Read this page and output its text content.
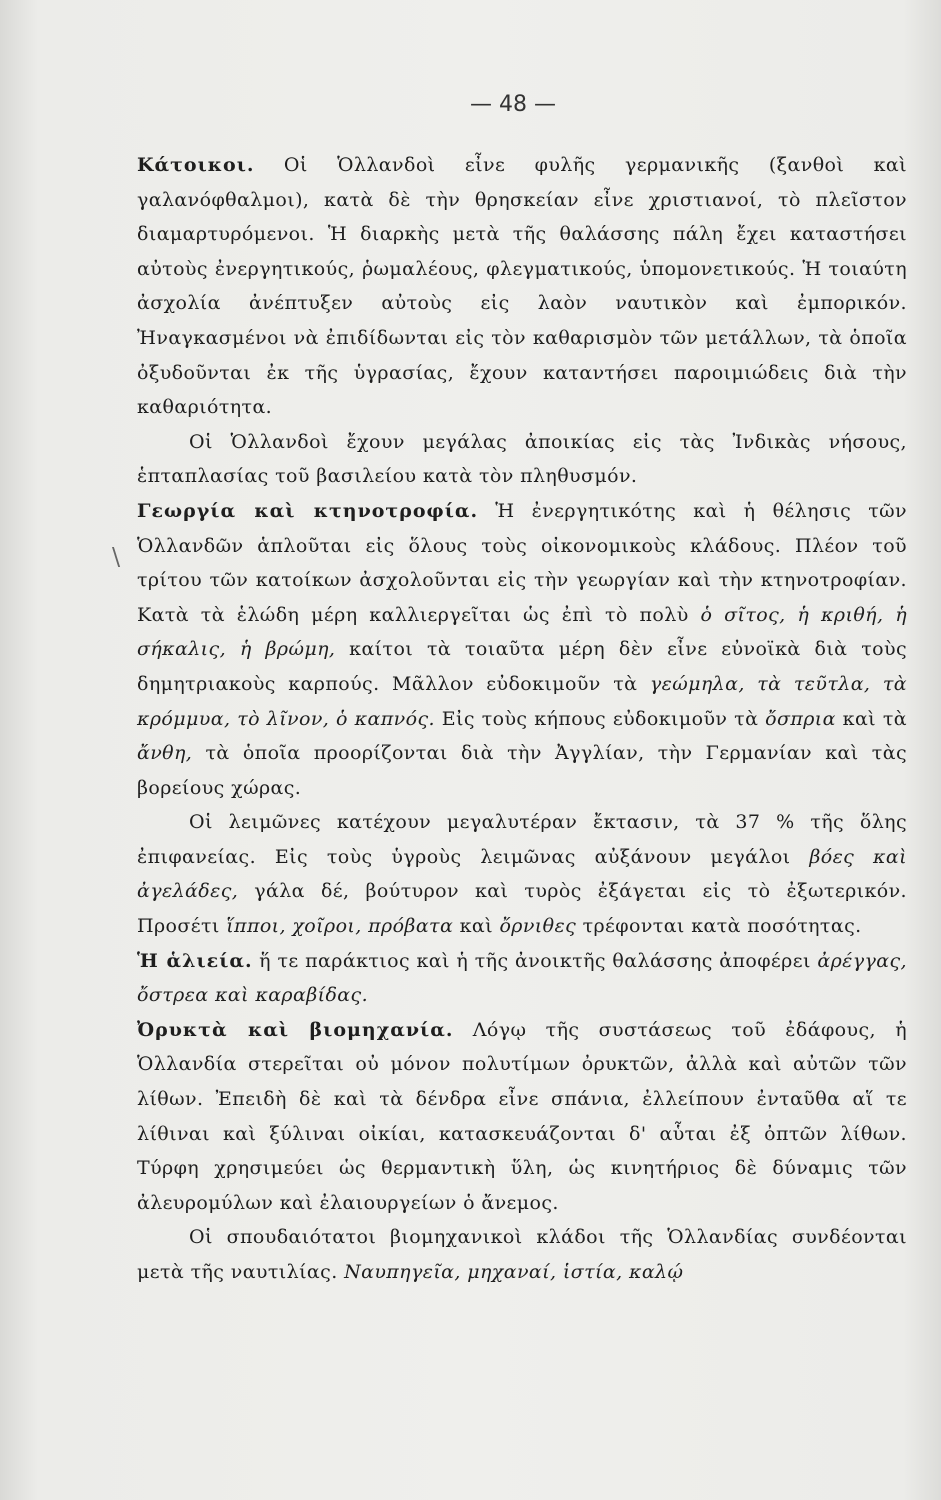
— 48 —
\

Κάτοικοι. Οἱ Ὁλλανδοὶ εἶνε φυλῆς γερμανικῆς (ξανθοὶ καὶ γαλανόφθαλμοι), κατὰ δὲ τὴν θρησκείαν εἶνε χριστιανοί, τὸ πλεῖστον διαμαρτυρόμενοι. Ἡ διαρκὴς μετὰ τῆς θαλάσσης πάλη ἔχει καταστήσει αὐτοὺς ἐνεργητικούς, ῥωμαλέους, φλεγματικούς, ὑπομονετικούς. Ἡ τοιαύτη ἀσχολία ἀνέπτυξεν αὐτοὺς εἰς λαὸν ναυτικὸν καὶ ἐμπορικόν. Ἠναγκασμένοι νὰ ἐπιδίδωνται εἰς τὸν καθαρισμὸν τῶν μετάλλων, τὰ ὁποῖα ὀξυδοῦνται ἐκ τῆς ὑγρασίας, ἔχουν καταντήσει παροιμιώδεις διὰ τὴν καθαριότητα.

Οἱ Ὁλλανδοὶ ἔχουν μεγάλας ἀποικίας εἰς τὰς Ἰνδικὰς νήσους, ἑπταπλασίας τοῦ βασιλείου κατὰ τὸν πληθυσμόν.

Γεωργία καὶ κτηνοτροφία. Ἡ ἐνεργητικότης καὶ ἡ θέλησις τῶν Ὁλλανδῶν ἁπλοῦται εἰς ὅλους τοὺς οἰκονομικοὺς κλάδους. Πλέον τοῦ τρίτου τῶν κατοίκων ἀσχολοῦνται εἰς τὴν γεωργίαν καὶ τὴν κτηνοτροφίαν. Κατὰ τὰ ἑλώδη μέρη καλλιεργεῖται ὡς ἐπὶ τὸ πολὺ ὁ σῖτος, ἡ κριθή, ἡ σήκαλις, ἡ βρώμη, καίτοι τὰ τοιαῦτα μέρη δὲν εἶνε εὐνοϊκὰ διὰ τοὺς δημητριακοὺς καρπούς. Μᾶλλον εὐδοκιμοῦν τὰ γεώμηλα, τὰ τεῦτλα, τὰ κρόμμυα, τὸ λῖνον, ὁ καπνός. Εἰς τοὺς κήπους εὐδοκιμοῦν τὰ ὄσπρια καὶ τὰ ἄνθη, τὰ ὁποῖα προορίζονται διὰ τὴν Ἀγγλίαν, τὴν Γερμανίαν καὶ τὰς βορείους χώρας.

Οἱ λειμῶνες κατέχουν μεγαλυτέραν ἔκτασιν, τὰ 37 % τῆς ὅλης ἐπιφανείας. Εἰς τοὺς ὑγροὺς λειμῶνας αὐξάνουν μεγάλοι βόες καὶ ἀγελάδες, γάλα δέ, βούτυρον καὶ τυρὸς ἐξάγεται εἰς τὸ ἐξωτερικόν. Προσέτι ἵπποι, χοῖροι, πρόβατα καὶ ὄρνιθες τρέφονται κατὰ ποσότητας.

Ἡ ἁλιεία. ἥ τε παράκτιος καὶ ἡ τῆς ἀνοικτῆς θαλάσσης ἀποφέρει ἀρέγγας, ὄστρεα καὶ καραβίδας.

Ὀρυκτὰ καὶ βιομηχανία. Λόγῳ τῆς συστάσεως τοῦ ἐδάφους, ἡ Ὁλλανδία στερεῖται οὐ μόνον πολυτίμων ὀρυκτῶν, ἀλλὰ καὶ αὐτῶν τῶν λίθων. Ἐπειδὴ δὲ καὶ τὰ δένδρα εἶνε σπάνια, ἐλλείπουν ἐνταῦθα αἵ τε λίθιναι καὶ ξύλιναι οἰκίαι, κατασκευάζονται δ' αὗται ἐξ ὀπτῶν λίθων. Τύρφη χρησιμεύει ὡς θερμαντικὴ ὕλη, ὡς κινητήριος δὲ δύναμις τῶν ἀλευρομύλων καὶ ἐλαιουργείων ὁ ἄνεμος.

Οἱ σπουδαιότατοι βιομηχανικοὶ κλάδοι τῆς Ὁλλανδίας συνδέονται μετὰ τῆς ναυτιλίας. Ναυπηγεῖα, μηχαναί, ἱστία, καλῴ
